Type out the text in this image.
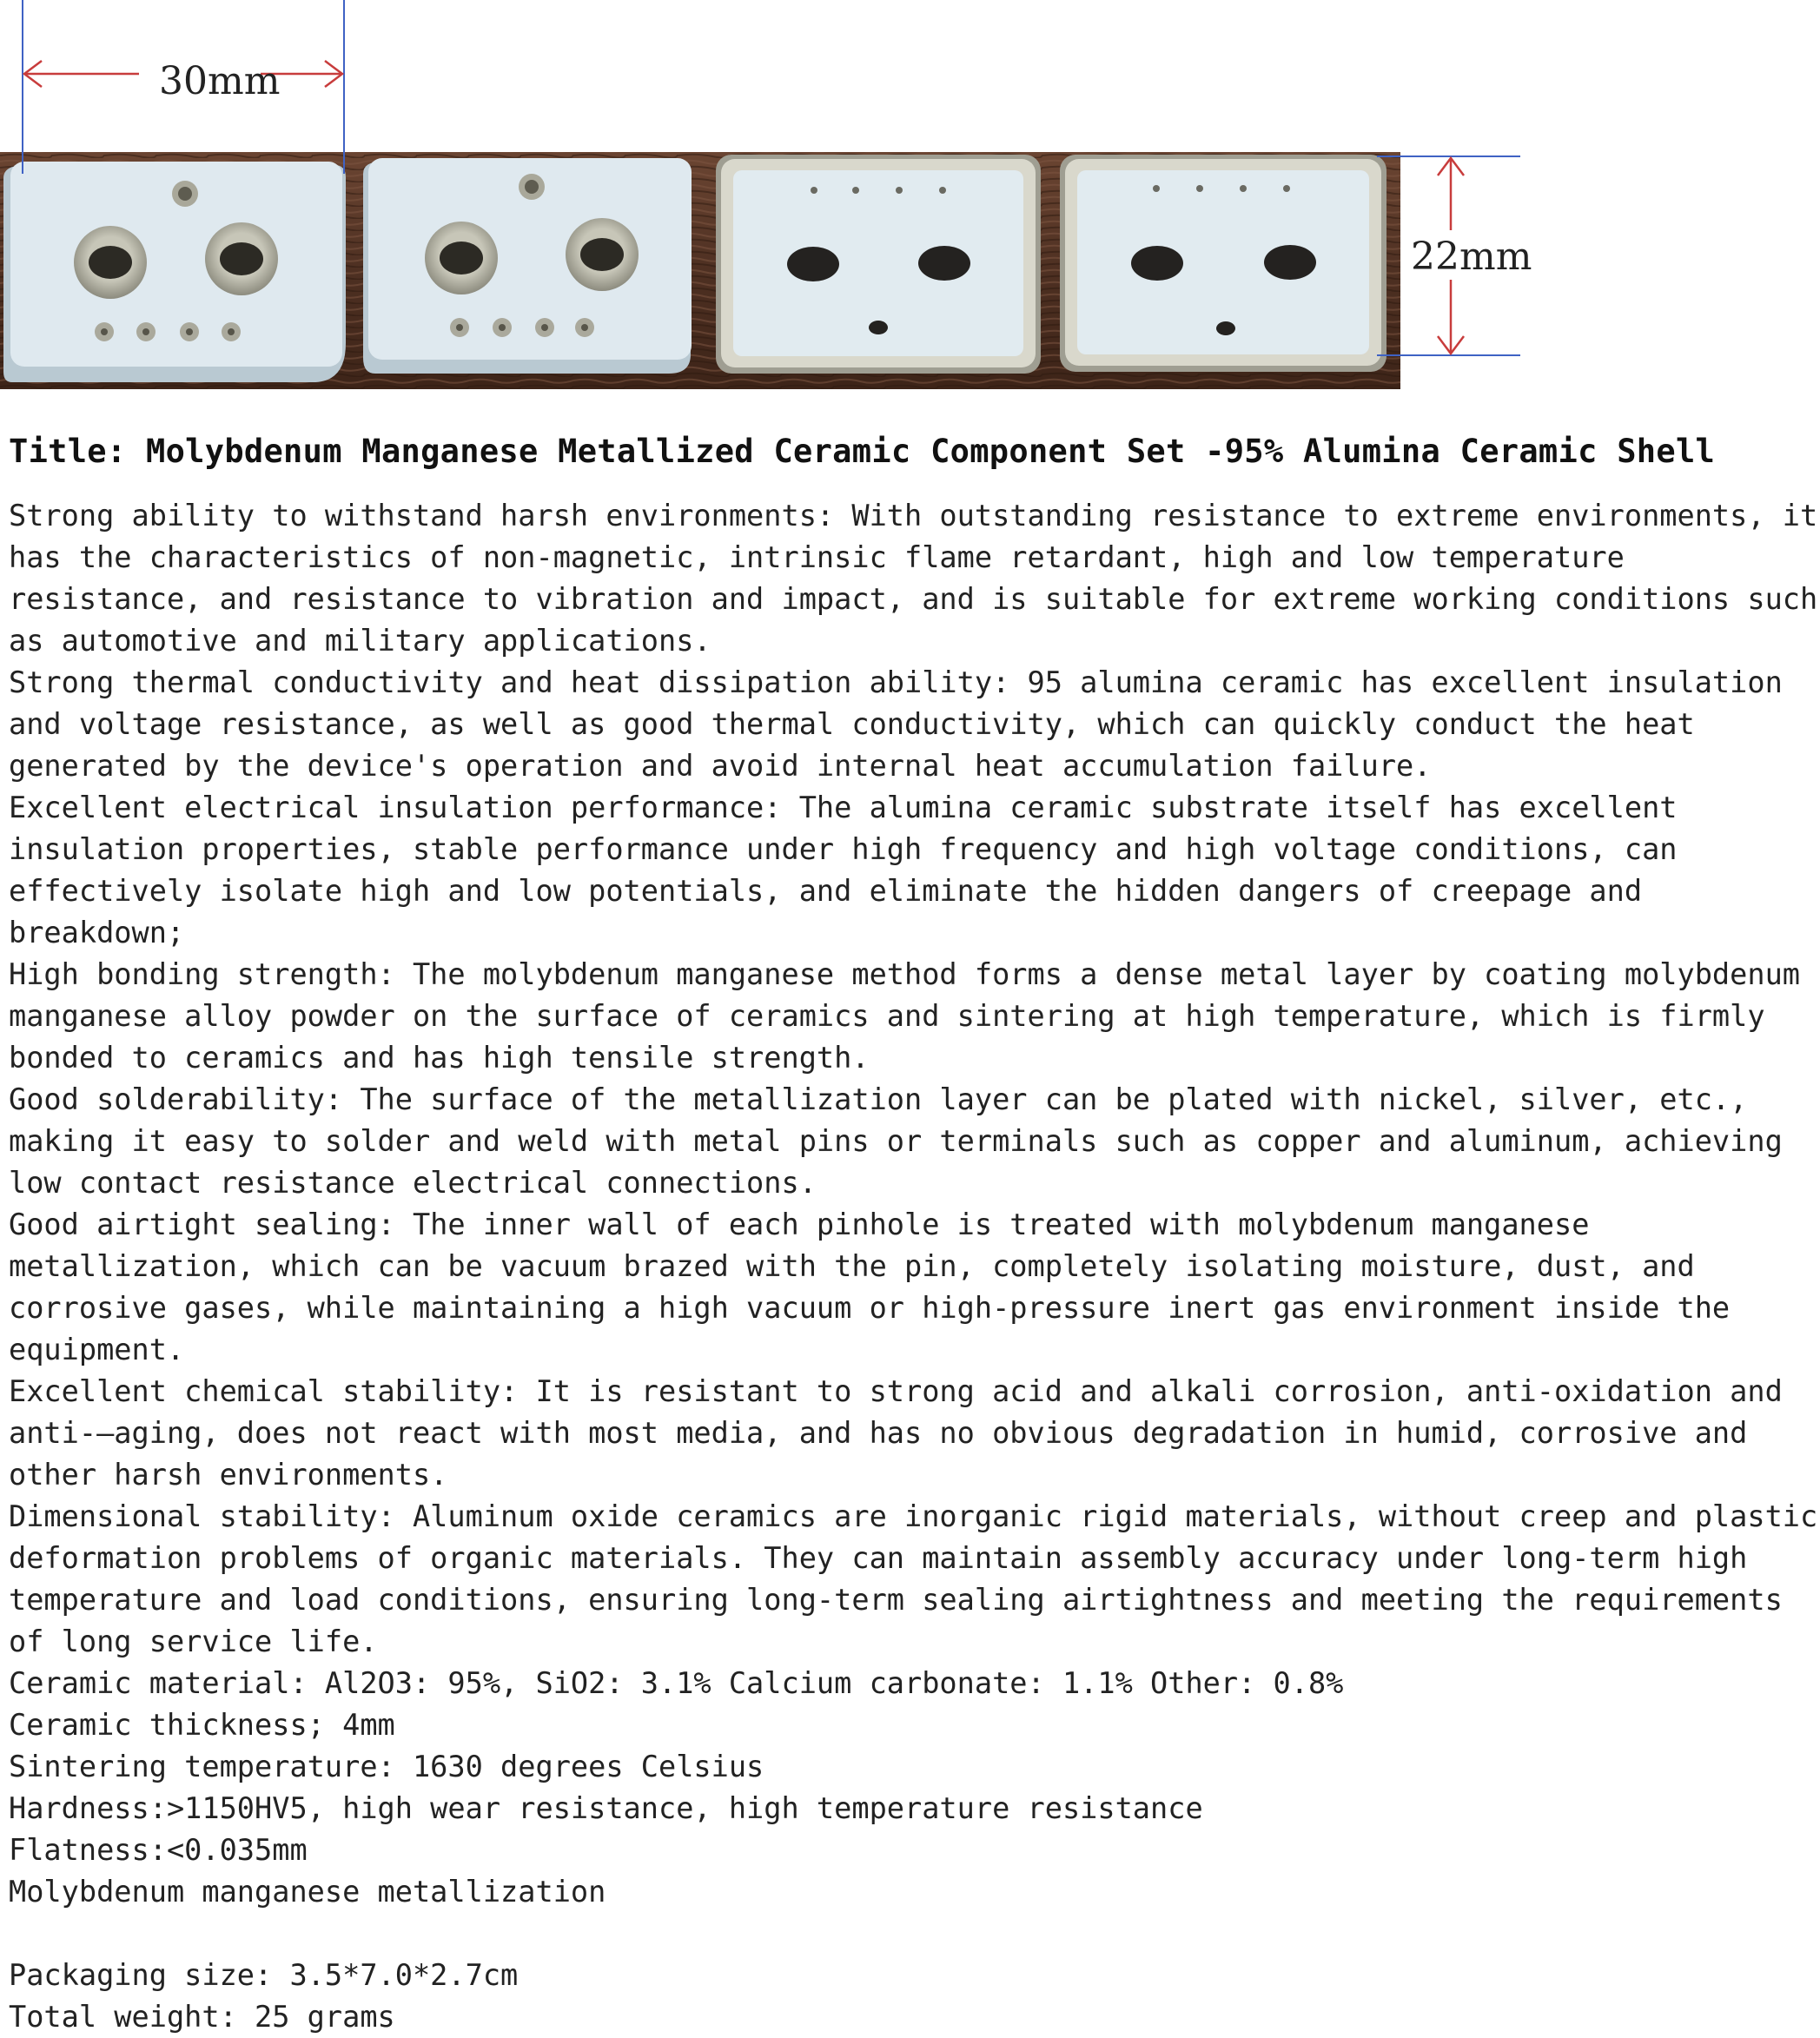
30mm
22mm
Title: Molybdenum Manganese Metallized Ceramic Component Set -95% Alumina Ceramic Shell

Strong ability to withstand harsh environments: With outstanding resistance to extreme environments, it has the characteristics of non-magnetic, intrinsic flame retardant, high and low temperature resistance, and resistance to vibration and impact, and is suitable for extreme working conditions such as automotive and military applications.

Strong thermal conductivity and heat dissipation ability: 95 alumina ceramic has excellent insulation and voltage resistance, as well as good thermal conductivity, which can quickly conduct the heat generated by the device's operation and avoid internal heat accumulation failure.

Excellent electrical insulation performance: The alumina ceramic substrate itself has excellent insulation properties, stable performance under high frequency and high voltage conditions, can effectively isolate high and low potentials, and eliminate the hidden dangers of creepage and breakdown;

High bonding strength: The molybdenum manganese method forms a dense metal layer by coating molybdenum manganese alloy powder on the surface of ceramics and sintering at high temperature, which is firmly bonded to ceramics and has high tensile strength.

Good solderability: The surface of the metallization layer can be plated with nickel, silver, etc., making it easy to solder and weld with metal pins or terminals such as copper and aluminum, achieving low contact resistance electrical connections.

Good airtight sealing: The inner wall of each pinhole is treated with molybdenum manganese metallization, which can be vacuum brazed with the pin, completely isolating moisture, dust, and corrosive gases, while maintaining a high vacuum or high-pressure inert gas environment inside the equipment.

Excellent chemical stability: It is resistant to strong acid and alkali corrosion, anti-oxidation and anti-—aging, does not react with most media, and has no obvious degradation in humid, corrosive and other harsh environments.

Dimensional stability: Aluminum oxide ceramics are inorganic rigid materials, without creep and plastic deformation problems of organic materials. They can maintain assembly accuracy under long-term high temperature and load conditions, ensuring long-term sealing airtightness and meeting the requirements of long service life.

Ceramic material: Al2O3: 95%, SiO2: 3.1% Calcium carbonate: 1.1% Other: 0.8%

Ceramic thickness; 4mm

Sintering temperature: 1630 degrees Celsius

Hardness:>1150HV5, high wear resistance, high temperature resistance

Flatness:<0.035mm

Molybdenum manganese metallization

Packaging size: 3.5*7.0*2.7cm

Total weight: 25 grams
